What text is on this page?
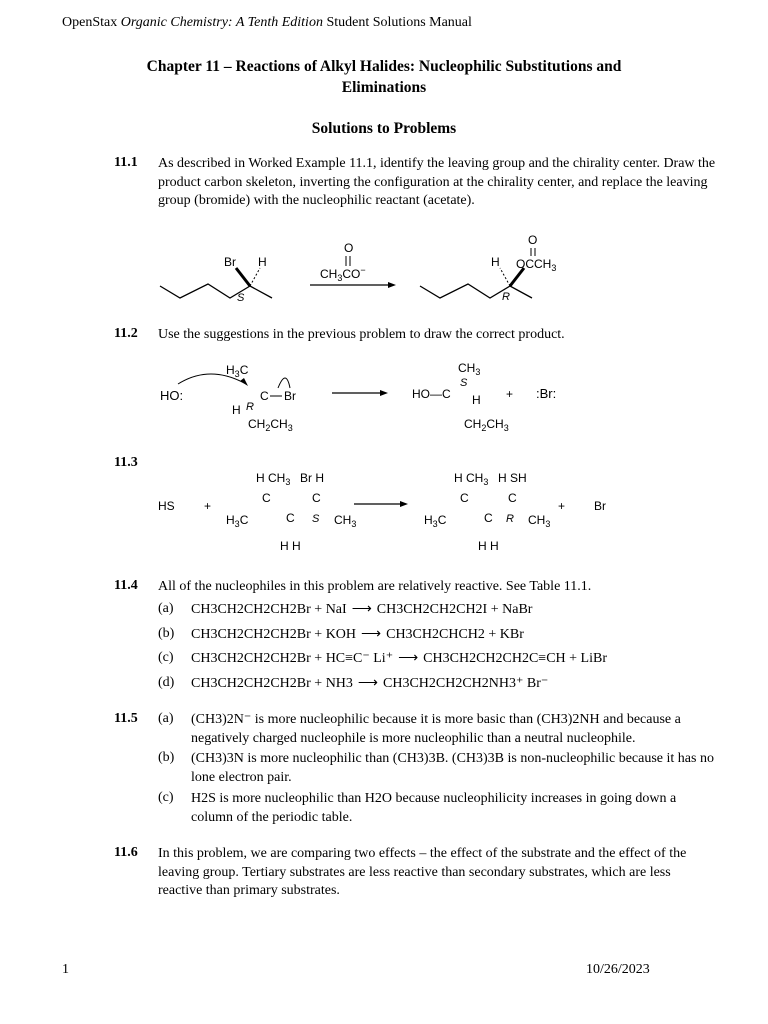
OpenStax Organic Chemistry: A Tenth Edition Student Solutions Manual
Chapter 11 – Reactions of Alkyl Halides: Nucleophilic Substitutions and
Eliminations
Solutions to Problems
11.1 As described in Worked Example 11.1, identify the leaving group and the chirality center. Draw the product carbon skeleton, inverting the configuration at the chirality center, and replace the leaving group (bromide) with the nucleophilic reactant (acetate).
Br H
S
O
$CH_3CO^-$
H
O
$OCCH_3$
R
11.2 Use the suggestions in the previous problem to draw the correct product.
HO:
$H_3C$
C Br
H R
$CH_2CH_3$
HO—C
$CH_3$
S
H
$CH_2CH_3$
+ :Br:
11.3
HS +
H $CH_3$ Br H
C	C
C
$H_3C$	S $CH_3$
H H
H $CH_3$ H SH
C	C
C
$H_3C$	R $CH_3$
H H
+ Br
11.4 All of the nucleophiles in this problem are relatively reactive. See Table 11.1.
(a) CH3CH2CH2CH2Br + NaI ⟶ CH3CH2CH2CH2I + NaBr
(b) CH3CH2CH2CH2Br + KOH ⟶ CH3CH2CHCH2 + KBr
(c) CH3CH2CH2CH2Br + HC≡C⁻ Li⁺ ⟶ CH3CH2CH2CH2C≡CH + LiBr
(d) CH3CH2CH2CH2Br + NH3 ⟶ CH3CH2CH2CH2NH3⁺ Br⁻
11.5 (a) (CH3)2N⁻ is more nucleophilic because it is more basic than (CH3)2NH and because a negatively charged nucleophile is more nucleophilic than a neutral nucleophile.
(b) (CH3)3N is more nucleophilic than (CH3)3B. (CH3)3B is non-nucleophilic because it has no lone electron pair.
(c) H2S is more nucleophilic than H2O because nucleophilicity increases in going down a column of the periodic table.
11.6 In this problem, we are comparing two effects – the effect of the substrate and the effect of the leaving group. Tertiary substrates are less reactive than secondary substrates, which are less reactive than primary substrates.
1	10/26/2023
